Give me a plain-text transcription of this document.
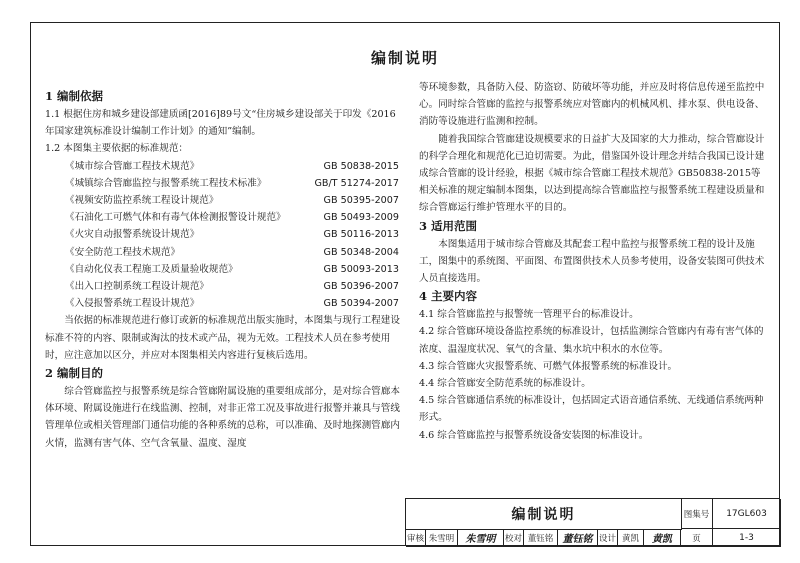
编制说明
1 编制依据

1.1 根据住房和城乡建设部建质函[2016]89号文“住房城乡建设部关于印发《2016年国家建筑标准设计编制工作计划》的通知”编制。

1.2 本图集主要依据的标准规范：

《城市综合管廊工程技术规范》	GB 50838-2015
《城镇综合管廊监控与报警系统工程技术标准》	GB/T 51274-2017
《视频安防监控系统工程设计规范》	GB 50395-2007
《石油化工可燃气体和有毒气体检测报警设计规范》	GB 50493-2009
《火灾自动报警系统设计规范》	GB 50116-2013
《安全防范工程技术规范》	GB 50348-2004
《自动化仪表工程施工及质量验收规范》	GB 50093-2013
《出入口控制系统工程设计规范》	GB 50396-2007
《入侵报警系统工程设计规范》	GB 50394-2007

当依据的标准规范进行修订或新的标准规范出版实施时，本图集与现行工程建设标准不符的内容、限制或淘汰的技术或产品，视为无效。工程技术人员在参考使用时，应注意加以区分，并应对本图集相关内容进行复核后选用。

2 编制目的

综合管廊监控与报警系统是综合管廊附属设施的重要组成部分，是对综合管廊本体环境、附属设施进行在线监测、控制，对非正常工况及事故进行报警并兼具与管线管理单位或相关管理部门通信功能的各种系统的总称，可以准确、及时地探测管廊内火情，监测有害气体、空气含氧量、温度、湿度

等环境参数，具备防入侵、防盗窃、防破坏等功能，并应及时将信息传递至监控中心。同时综合管廊的监控与报警系统应对管廊内的机械风机、排水泵、供电设备、消防等设施进行监测和控制。

随着我国综合管廊建设规模要求的日益扩大及国家的大力推动，综合管廊设计的科学合理化和规范化已迫切需要。为此，借鉴国外设计理念并结合我国已设计建成综合管廊的设计经验，根据《城市综合管廊工程技术规范》GB50838-2015等相关标准的规定编制本图集，以达到提高综合管廊监控与报警系统工程建设质量和综合管廊运行维护管理水平的目的。

3 适用范围

本图集适用于城市综合管廊及其配套工程中监控与报警系统工程的设计及施工，图集中的系统图、平面图、布置图供技术人员参考使用，设备安装图可供技术人员直接选用。

4 主要内容

4.1 综合管廊监控与报警统一管理平台的标准设计。

4.2 综合管廊环境设备监控系统的标准设计，包括监测综合管廊内有毒有害气体的浓度、温湿度状况、氧气的含量、集水坑中积水的水位等。

4.3 综合管廊火灾报警系统、可燃气体报警系统的标准设计。

4.4 综合管廊安全防范系统的标准设计。

4.5 综合管廊通信系统的标准设计，包括固定式语音通信系统、无线通信系统两种形式。

4.6 综合管廊监控与报警系统设备安装图的标准设计。

编制说明	图集号	17GL603
审核 朱雪明	朱雪明	校对 董钰铭 董钰铭 设计 黄凯	黄凯	页	1-3
